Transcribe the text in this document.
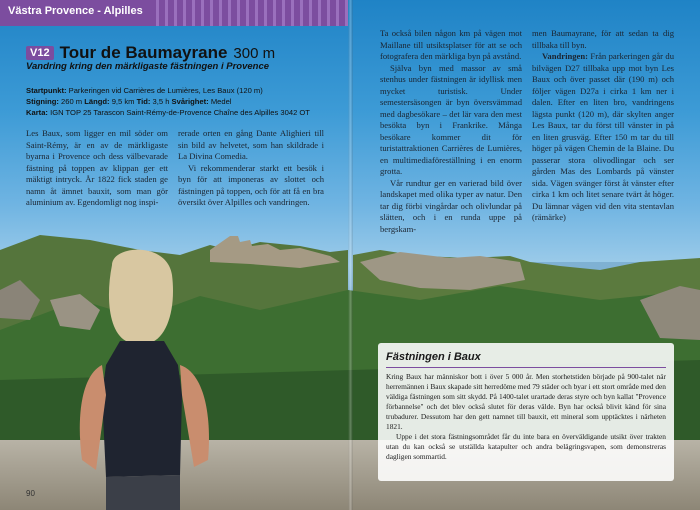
Västra Provence - Alpilles
V12 Tour de Baumayrane 300 m
Vandring kring den märkligaste fästningen i Provence
Startpunkt: Parkeringen vid Carrières de Lumières, Les Baux (120 m)
Stigning: 260 m Längd: 9,5 km Tid: 3,5 h Svårighet: Medel
Karta: IGN TOP 25 Tarascon Saint-Rémy-de-Provence Chaîne des Alpilles 3042 OT

Les Baux, som ligger en mil söder om Saint-Rémy, är en av de märkligaste byarna i Provence och dess välbevarade fästning på toppen av klippan ger ett mäktigt intryck. År 1822 fick staden ge namn åt ämnet bauxit, som man gör aluminium av. Egendomligt nog inspi-

rerade orten en gång Dante Alighieri till sin bild av helvetet, som han skildrade i La Divina Comedia.

Vi rekommenderar starkt ett besök i byn för att imponeras av slottet och fästningen på toppen, och för att få en bra översikt över Alpilles och vandringen.

Ta också bilen någon km på vägen mot Maillane till utsiktsplatser för att se och fotografera den märkliga byn på avstånd.

Själva byn med massor av små stenhus under fästningen är idyllisk men mycket turistisk. Under semestersäsongen är byn översvämmad med dagbesökare – det lär vara den mest besökta byn i Frankrike. Många besökare kommer dit för turistattraktionen Carrières de Lumières, en multimediaföreställning i en enorm grotta.

Vår rundtur ger en varierad bild över landskapet med olika typer av natur. Den tar dig förbi vingårdar och olivlundar på slätten, och i en runda uppe på bergskam-

men Baumayrane, för att sedan ta dig tillbaka till byn.

Vandringen: Från parkeringen går du bilvägen D27 tillbaka upp mot byn Les Baux och över passet där (190 m) och följer vägen D27a i cirka 1 km ner i dalen. Efter en liten bro, vandringens lägsta punkt (120 m), där skylten anger Les Baux, tar du först till vänster in på en liten grusväg. Efter 150 m tar du till höger på vägen Chemin de la Blaine. Du passerar stora olivodlingar och ser gården Mas des Lombards på vänster sida. Vägen svänger först åt vänster efter cirka 1 km och litet senare tvärt åt höger. Du lämnar vägen vid den vita stentavlan (rämärke)

Fästningen i Baux

Kring Baux har människor bott i över 5 000 år. Men storhetstiden började på 900-talet när herremännen i Baux skapade sitt herredöme med 79 städer och byar i ett stort område med den väldiga fästningen som sitt skydd. På 1400-talet urartade deras styre och byn kallat "Provence förbannelse" och det blev också slutet för deras välde. Byn har också blivit känd för sina trubadurer. Dessutom har den gett namnet till bauxit, ett mineral som upptäcktes i närheten 1821.

Uppe i det stora fästningsområdet får du inte bara en överväldigande utsikt över trakten utan du kan också se utställda katapulter och andra belägringsvapen, som demonstreras dagligen sommartid.

90
